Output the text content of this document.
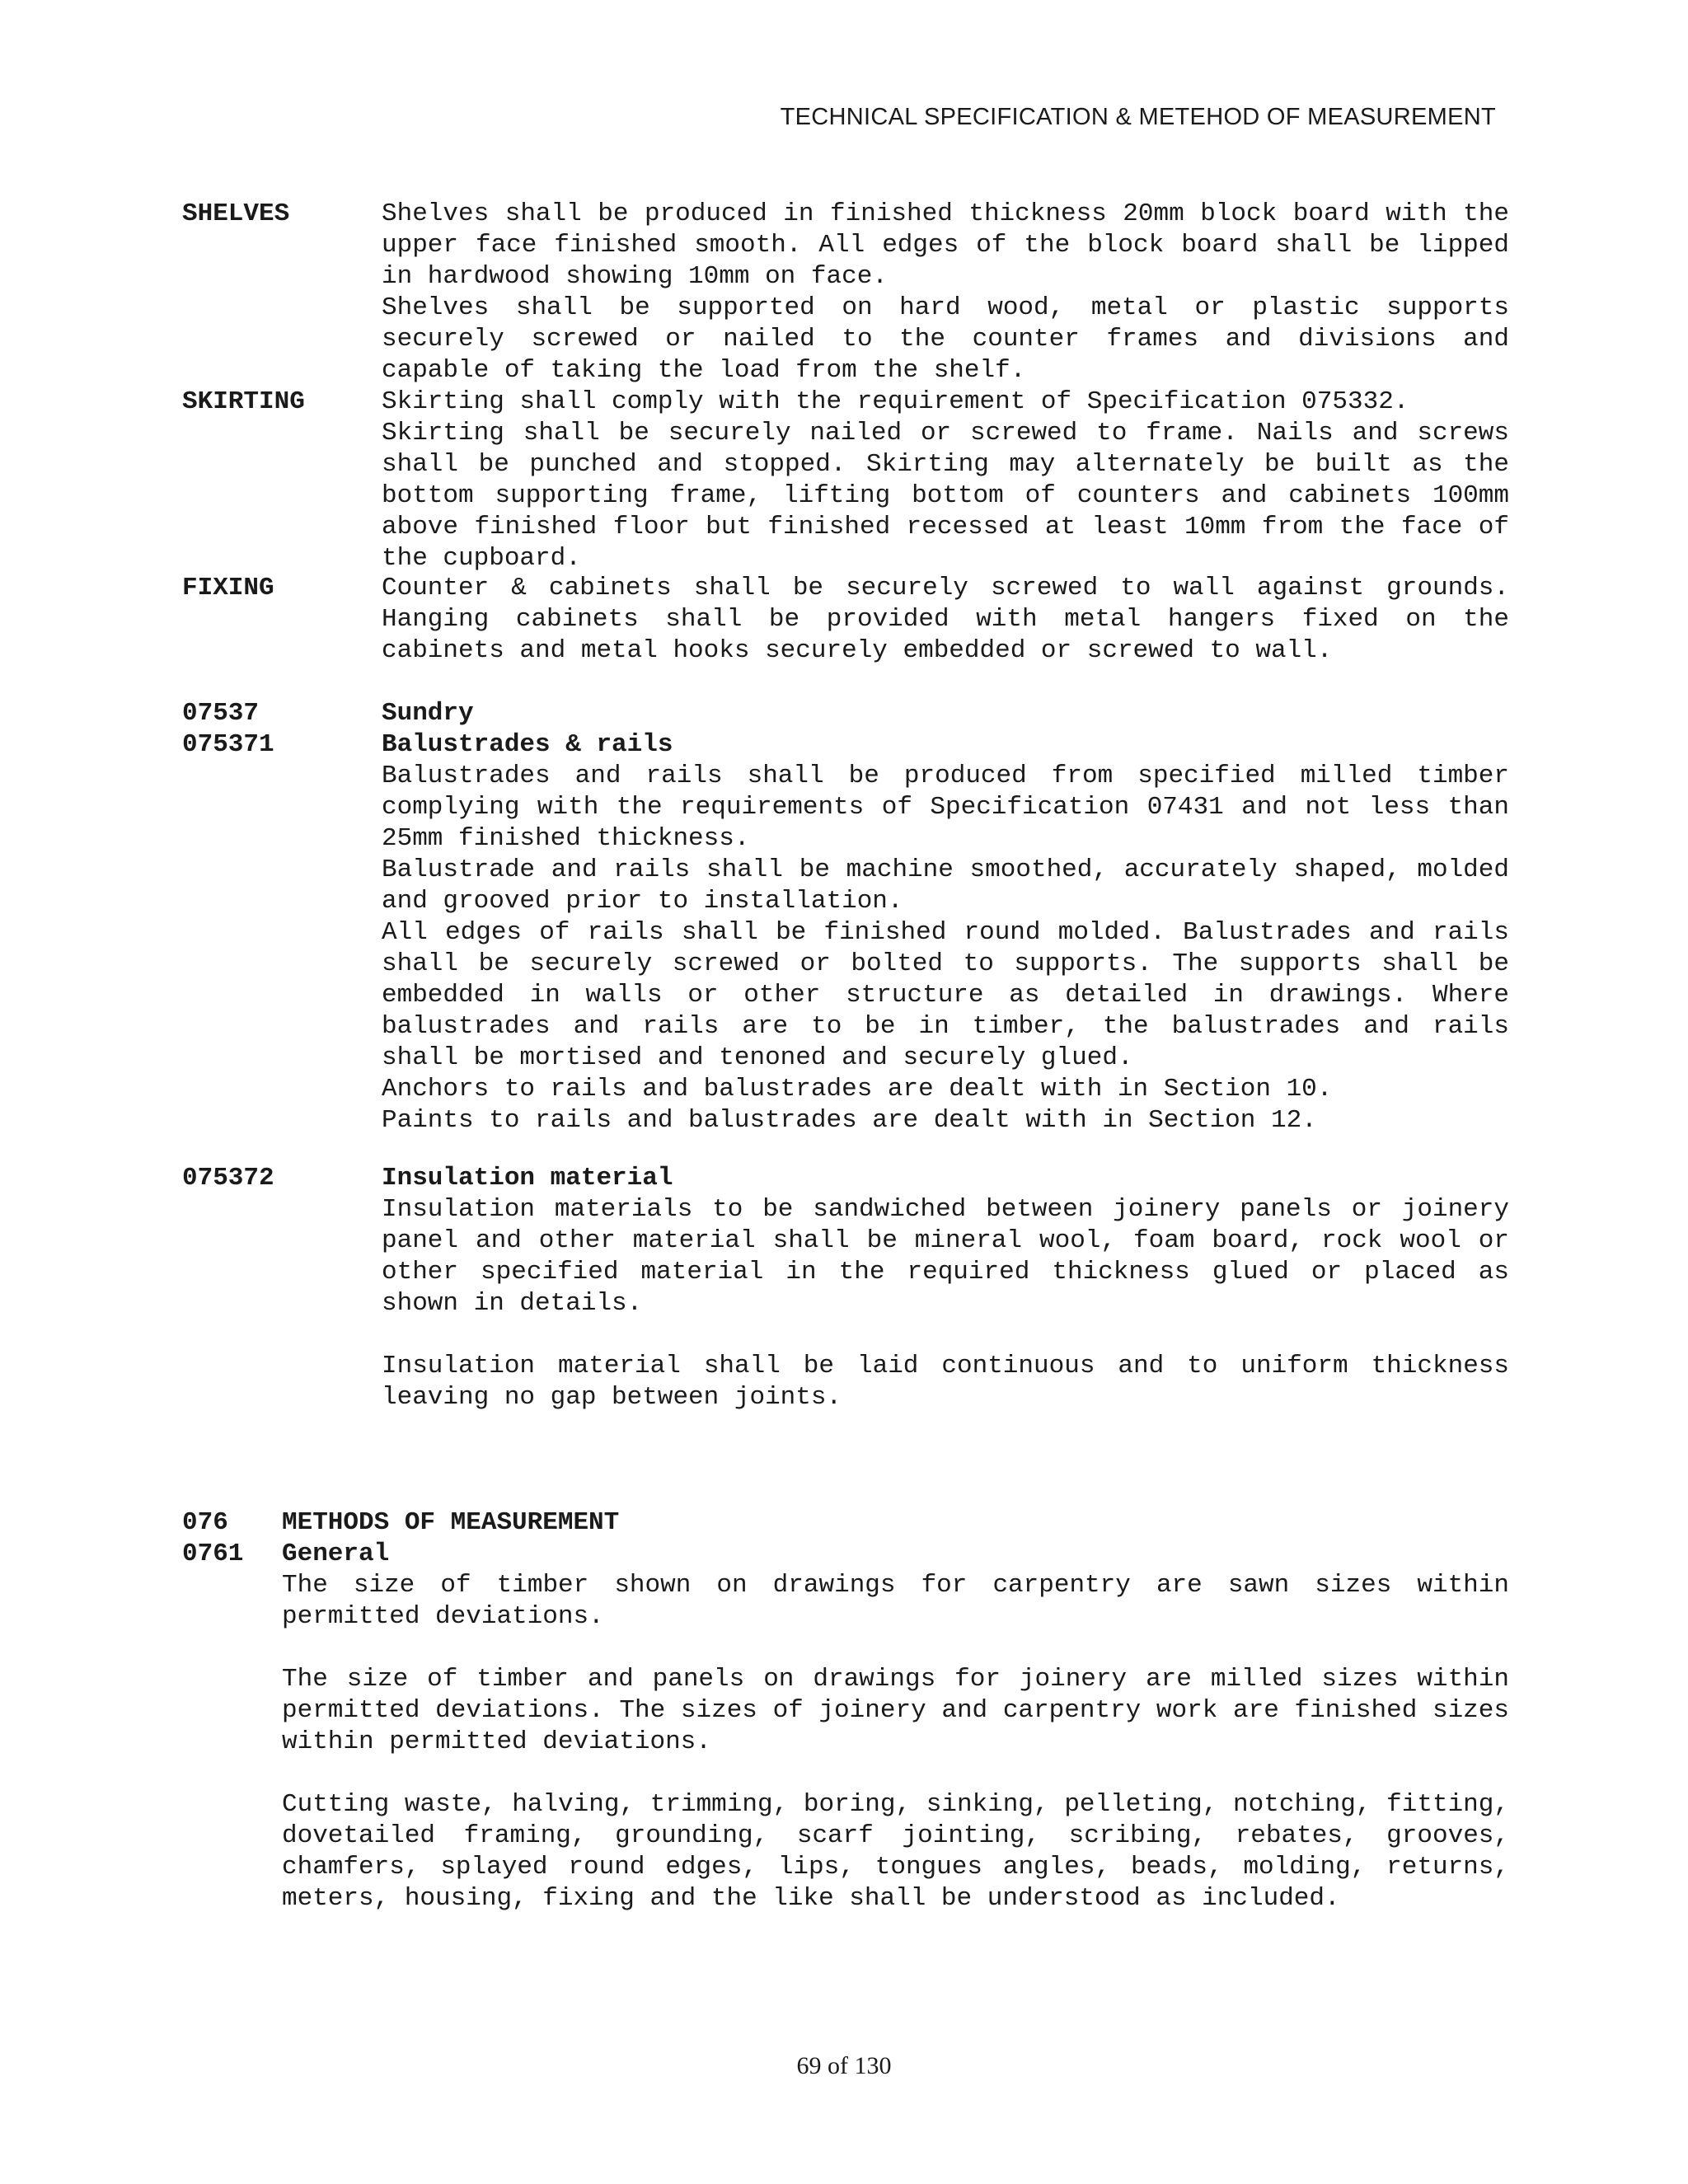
TECHNICAL SPECIFICATION & METEHOD OF MEASUREMENT
SHELVES	Shelves shall be produced in finished thickness 20mm block board with the upper face finished smooth. All edges of the block board shall be lipped in hardwood showing 10mm on face.

Shelves shall be supported on hard wood, metal or plastic supports securely screwed or nailed to the counter frames and divisions and capable of taking the load from the shelf.

SKIRTING	Skirting shall comply with the requirement of Specification 075332.

Skirting shall be securely nailed or screwed to frame. Nails and screws shall be punched and stopped. Skirting may alternately be built as the bottom supporting frame, lifting bottom of counters and cabinets 100mm above finished floor but finished recessed at least 10mm from the face of the cupboard.

FIXING	Counter & cabinets shall be securely screwed to wall against grounds. Hanging cabinets shall be provided with metal hangers fixed on the cabinets and metal hooks securely embedded or screwed to wall.

07537	Sundry
075371	Balustrades & rails

Balustrades and rails shall be produced from specified milled timber complying with the requirements of Specification 07431 and not less than 25mm finished thickness.

Balustrade and rails shall be machine smoothed, accurately shaped, molded and grooved prior to installation.

All edges of rails shall be finished round molded. Balustrades and rails shall be securely screwed or bolted to supports. The supports shall be embedded in walls or other structure as detailed in drawings. Where balustrades and rails are to be in timber, the balustrades and rails shall be mortised and tenoned and securely glued.

Anchors to rails and balustrades are dealt with in Section 10.

Paints to rails and balustrades are dealt with in Section 12.

075372	Insulation material

Insulation materials to be sandwiched between joinery panels or joinery panel and other material shall be mineral wool, foam board, rock wool or other specified material in the required thickness glued or placed as shown in details.

Insulation material shall be laid continuous and to uniform thickness leaving no gap between joints.

076 METHODS OF MEASUREMENT
0761 General

The size of timber shown on drawings for carpentry are sawn sizes within permitted deviations.

The size of timber and panels on drawings for joinery are milled sizes within permitted deviations. The sizes of joinery and carpentry work are finished sizes within permitted deviations.

Cutting waste, halving, trimming, boring, sinking, pelleting, notching, fitting, dovetailed framing, grounding, scarf jointing, scribing, rebates, grooves, chamfers, splayed round edges, lips, tongues angles, beads, molding, returns, meters, housing, fixing and the like shall be understood as included.

69 of 130
